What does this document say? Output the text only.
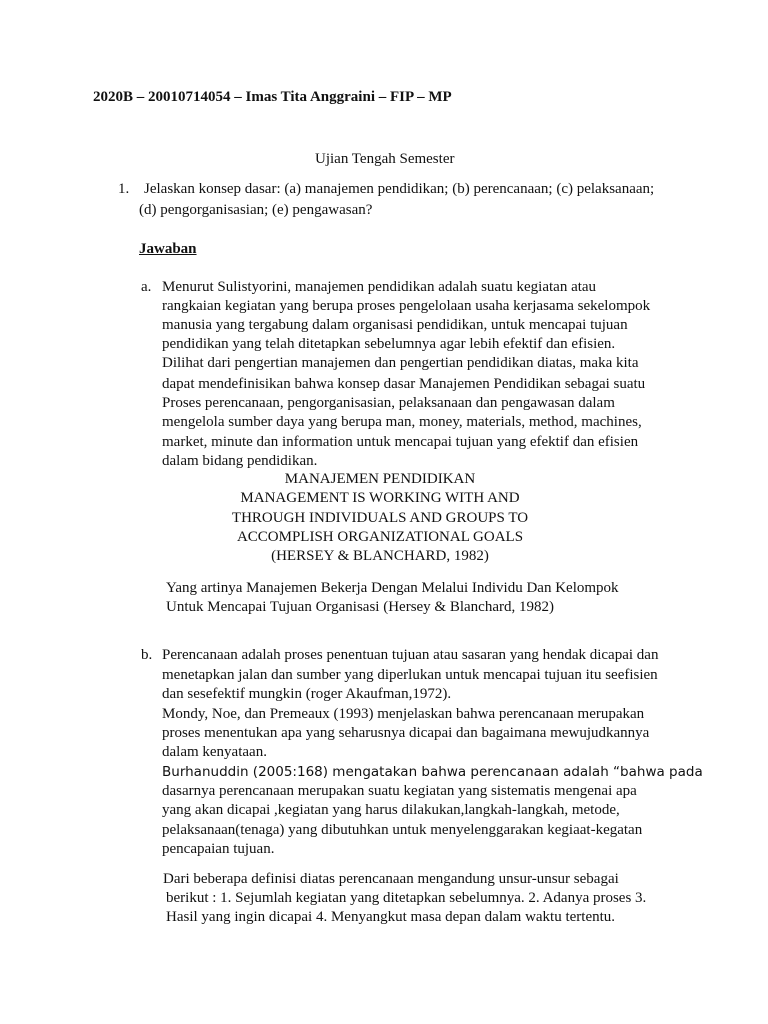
2020B – 20010714054 – Imas Tita Anggraini – FIP – MP
Ujian Tengah Semester
1. Jelaskan konsep dasar: (a) manajemen pendidikan; (b) perencanaan; (c) pelaksanaan;
(d) pengorganisasian; (e) pengawasan?
Jawaban
a. Menurut Sulistyorini, manajemen pendidikan adalah suatu kegiatan atau
rangkaian kegiatan yang berupa proses pengelolaan usaha kerjasama sekelompok
manusia yang tergabung dalam organisasi pendidikan, untuk mencapai tujuan
pendidikan yang telah ditetapkan sebelumnya agar lebih efektif dan efisien.
Dilihat dari pengertian manajemen dan pengertian pendidikan diatas, maka kita
dapat mendefinisikan bahwa konsep dasar Manajemen Pendidikan sebagai suatu
Proses perencanaan, pengorganisasian, pelaksanaan dan pengawasan dalam
mengelola sumber daya yang berupa man, money, materials, method, machines,
market, minute dan information untuk mencapai tujuan yang efektif dan efisien
dalam bidang pendidikan.
MANAJEMEN PENDIDIKAN
MANAGEMENT IS WORKING WITH AND
THROUGH INDIVIDUALS AND GROUPS TO
ACCOMPLISH ORGANIZATIONAL GOALS
(HERSEY & BLANCHARD, 1982)
Yang artinya Manajemen Bekerja Dengan Melalui Individu Dan Kelompok
Untuk Mencapai Tujuan Organisasi (Hersey & Blanchard, 1982)
b. Perencanaan adalah proses penentuan tujuan atau sasaran yang hendak dicapai dan
menetapkan jalan dan sumber yang diperlukan untuk mencapai tujuan itu seefisien
dan sesefektif mungkin (roger Akaufman,1972).
Mondy, Noe, dan Premeaux (1993) menjelaskan bahwa perencanaan merupakan
proses menentukan apa yang seharusnya dicapai dan bagaimana mewujudkannya
dalam kenyataan.
Burhanuddin (2005:168) mengatakan bahwa perencanaan adalah “bahwa pada
dasarnya perencanaan merupakan suatu kegiatan yang sistematis mengenai apa
yang akan dicapai ,kegiatan yang harus dilakukan,langkah-langkah, metode,
pelaksanaan(tenaga) yang dibutuhkan untuk menyelenggarakan kegiaat-kegatan
pencapaian tujuan.
Dari beberapa definisi diatas perencanaan mengandung unsur-unsur sebagai
berikut : 1. Sejumlah kegiatan yang ditetapkan sebelumnya. 2. Adanya proses 3.
Hasil yang ingin dicapai 4. Menyangkut masa depan dalam waktu tertentu.
